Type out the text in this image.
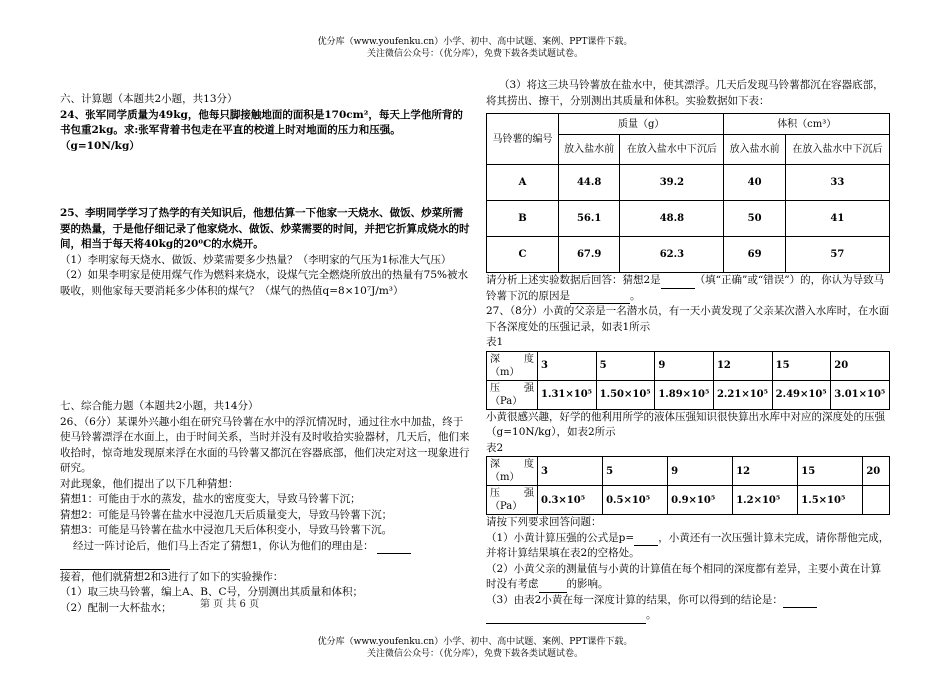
优分库（www.youfenku.cn）小学、初中、高中试题、案例、PPT课件下载。
关注微信公众号：（优分库），免费下载各类试题试卷。

六、计算题（本题共2小题，共13分）

24、张军同学质量为49kg，他每只脚接触地面的面积是170cm²，每天上学他所背的书包重2kg。求:张军背着书包走在平直的校道上时对地面的压力和压强。（g=10N/kg）

25、李明同学学习了热学的有关知识后，他想估算一下他家一天烧水、做饭、炒菜所需要的热量，于是他仔细记录了他家烧水、做饭、炒菜需要的时间，并把它折算成烧水的时间，相当于每天将40kg的20⁰C的水烧开。

（1）李明家每天烧水、做饭、炒菜需要多少热量？（李明家的气压为1标准大气压）

（2）如果李明家是使用煤气作为燃料来烧水，设煤气完全燃烧所放出的热量有75%被水吸收，则他家每天要消耗多少体积的煤气？（煤气的热值q=8×10⁷J/m³）

七、综合能力题（本题共2小题，共14分）

26、（6分）某课外兴趣小组在研究马铃薯在水中的浮沉情况时，通过往水中加盐，终于使马铃薯漂浮在水面上，由于时间关系，当时并没有及时收拾实验器材，几天后，他们来收拾时，惊奇地发现原来浮在水面的马铃薯又都沉在容器底部，他们决定对这一现象进行研究。

对此现象，他们提出了以下几种猜想：

猜想1：可能由于水的蒸发，盐水的密度变大，导致马铃薯下沉；

猜想2：可能是马铃薯在盐水中浸泡几天后质量变大，导致马铃薯下沉；

猜想3：可能是马铃薯在盐水中浸泡几天后体积变小，导致马铃薯下沉。

经过一阵讨论后，他们马上否定了猜想1，你认为他们的理由是：

接着，他们就猜想2和3进行了如下的实验操作：

（1）取三块马铃薯，编上A、B、C号，分别测出其质量和体积；

（2）配制一大杯盐水；

（3）将这三块马铃薯放在盐水中，使其漂浮。几天后发现马铃薯都沉在容器底部，将其捞出、擦干，分别测出其质量和体积。实验数据如下表：

马铃薯的编号	质量（g）		体积（cm³）	
	放入盐水前	在放入盐水中下沉后	放入盐水前	在放入盐水中下沉后
A	44.8	39.2	40	33
B	56.1	48.8	50	41
C	67.9	62.3	69	57

请分析上述实验数据后回答：猜想2是	（填“正确”或“错误”）的，你认为导致马铃薯下沉的原因是	。

27、（8分）小黄的父亲是一名潜水员，有一天小黄发现了父亲某次潜入水库时，在水面下各深度处的压强记录，如表1所示

表1

深度（m）	3	5	9	12	15	20
压强（Pa）	1.31×10⁵	1.50×10⁵	1.89×10⁵	2.21×10⁵	2.49×10⁵	3.01×10⁵

小黄很感兴趣，好学的他利用所学的液体压强知识很快算出水库中对应的深度处的压强（g=10N/kg），如表2所示

表2

深度（m）	3	5	9	12	15	20
压强（Pa）	0.3×10⁵	0.5×10⁵	0.9×10⁵	1.2×10⁵	1.5×10⁵	

请按下列要求回答问题：

（1）小黄计算压强的公式是p= ，小黄还有一次压强计算未完成，请你帮他完成，并将计算结果填在表2的空格处。

（2）小黄父亲的测量值与小黄的计算值在每个相同的深度都有差异，主要小黄在计算时没有考虑	的影响。

（3）由表2小黄在每一深度计算的结果，你可以得到的结论是：

。

第 页 共 6 页
优分库（www.youfenku.cn）小学、初中、高中试题、案例、PPT课件下载。
关注微信公众号：（优分库），免费下载各类试题试卷。
